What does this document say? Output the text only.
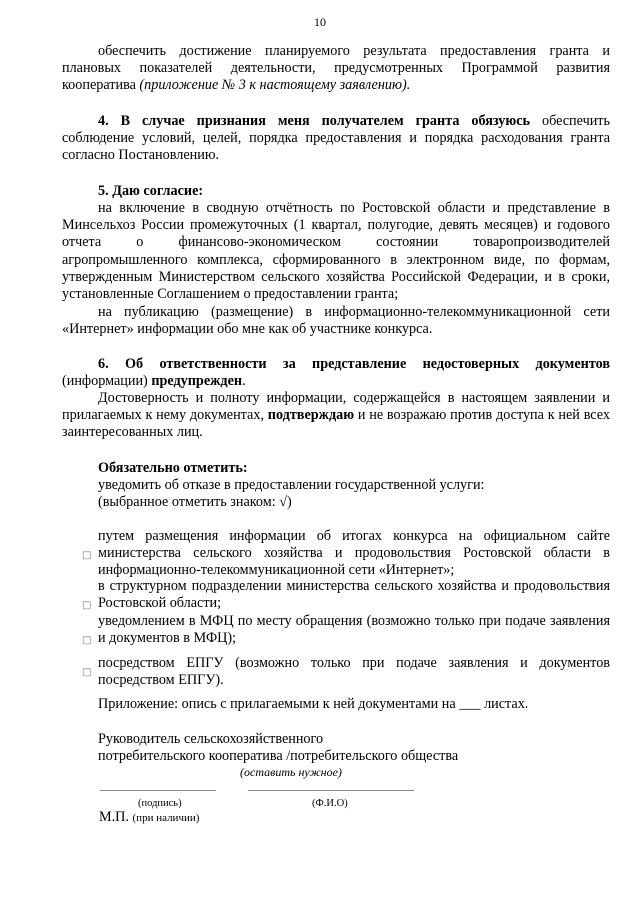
10

обеспечить достижение планируемого результата предоставления гранта и плановых показателей деятельности, предусмотренных Программой развития кооператива (приложение № 3 к настоящему заявлению).

4. В случае признания меня получателем гранта обязуюсь обеспечить соблюдение условий, целей, порядка предоставления и порядка расходования гранта согласно Постановлению.

5. Даю согласие:

на включение в сводную отчётность по Ростовской области и представление в Минсельхоз России промежуточных (1 квартал, полугодие, девять месяцев) и годового отчета о финансово-экономическом состоянии товаропроизводителей агропромышленного комплекса, сформированного в электронном виде, по формам, утвержденным Министерством сельского хозяйства Российской Федерации, и в сроки, установленные Соглашением о предоставлении гранта;

на публикацию (размещение) в информационно-телекоммуникационной сети «Интернет» информации обо мне как об участнике конкурса.

6. Об ответственности за представление недостоверных документов (информации) предупрежден.

Достоверность и полноту информации, содержащейся в настоящем заявлении и прилагаемых к нему документах, подтверждаю и не возражаю против доступа к ней всех заинтересованных лиц.

Обязательно отметить:

уведомить об отказе в предоставлении государственной услуги:

(выбранное отметить знаком: √)

□

путем размещения информации об итогах конкурса на официальном сайте министерства сельского хозяйства и продовольствия Ростовской области в информационно-телекоммуникационной сети «Интернет»;

□

в структурном подразделении министерства сельского хозяйства и продовольствия Ростовской области;

□

уведомлением в МФЦ по месту обращения (возможно только при подаче заявления и документов в МФЦ);

□

посредством ЕПГУ (возможно только при подаче заявления и документов посредством ЕПГУ).

Приложение: опись с прилагаемыми к ней документами на ___ листах.

Руководитель сельскохозяйственного

потребительского кооператива /потребительского общества

(оставить нужное)

(подпись)	(Ф.И.О)

М.П. (при наличии)
